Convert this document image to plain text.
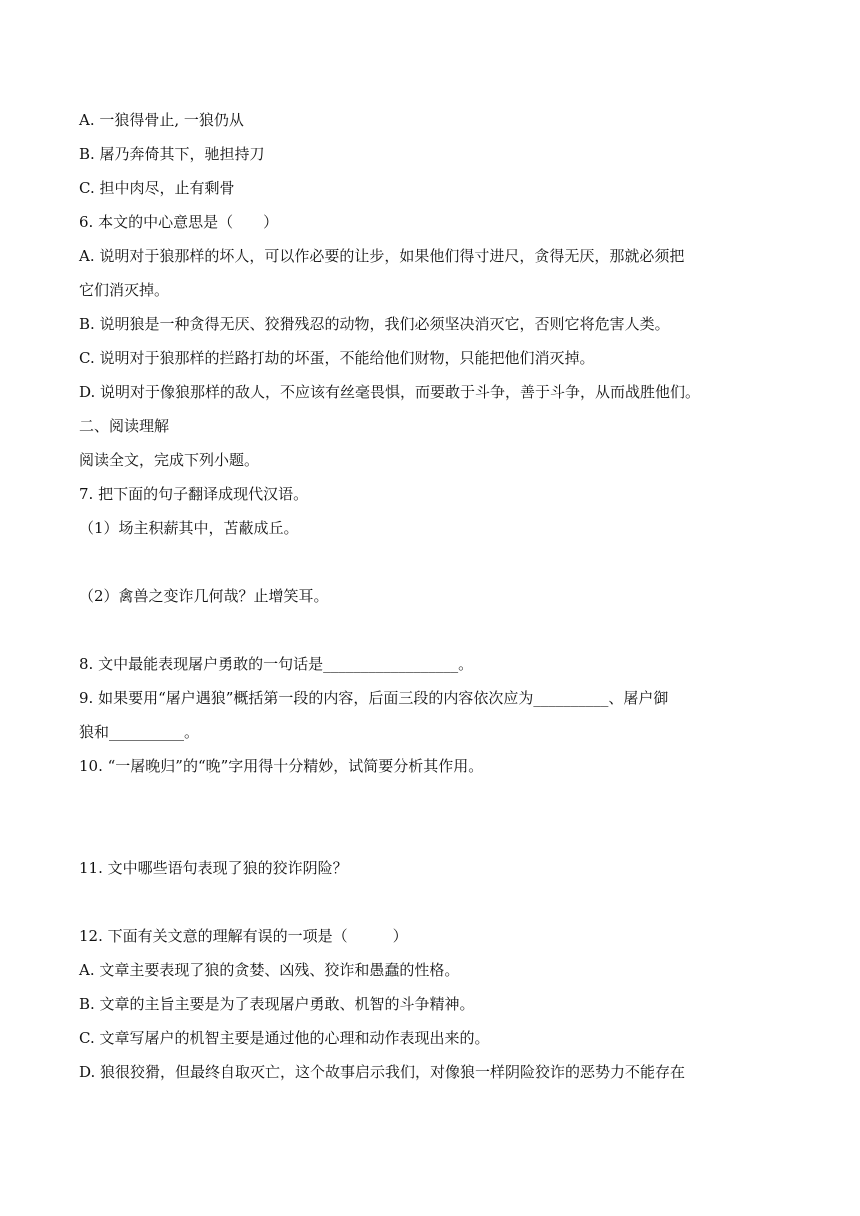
A. 一狼得骨止, 一狼仍从
B. 屠乃奔倚其下，驰担持刀
C. 担中肉尽，止有剩骨
6. 本文的中心意思是（　　）
A. 说明对于狼那样的坏人，可以作必要的让步，如果他们得寸进尺，贪得无厌，那就必须把
它们消灭掉。
B. 说明狼是一种贪得无厌、狡猾残忍的动物，我们必须坚决消灭它，否则它将危害人类。
C. 说明对于狼那样的拦路打劫的坏蛋，不能给他们财物，只能把他们消灭掉。
D. 说明对于像狼那样的敌人，不应该有丝毫畏惧，而要敢于斗争，善于斗争，从而战胜他们。
二、阅读理解
阅读全文，完成下列小题。
7. 把下面的句子翻译成现代汉语。
（1）场主积薪其中，苫蔽成丘。
（2）禽兽之变诈几何哉？止增笑耳。
8. 文中最能表现屠户勇敢的一句话是__________________。
9. 如果要用“屠户遇狼”概括第一段的内容，后面三段的内容依次应为__________、屠户御
狼和__________。
10. “一屠晚归”的“晚”字用得十分精妙，试简要分析其作用。
11. 文中哪些语句表现了狼的狡诈阴险？
12. 下面有关文意的理解有误的一项是（　　　）
A. 文章主要表现了狼的贪婪、凶残、狡诈和愚蠢的性格。
B. 文章的主旨主要是为了表现屠户勇敢、机智的斗争精神。
C. 文章写屠户的机智主要是通过他的心理和动作表现出来的。
D. 狼很狡猾，但最终自取灭亡，这个故事启示我们，对像狼一样阴险狡诈的恶势力不能存在
